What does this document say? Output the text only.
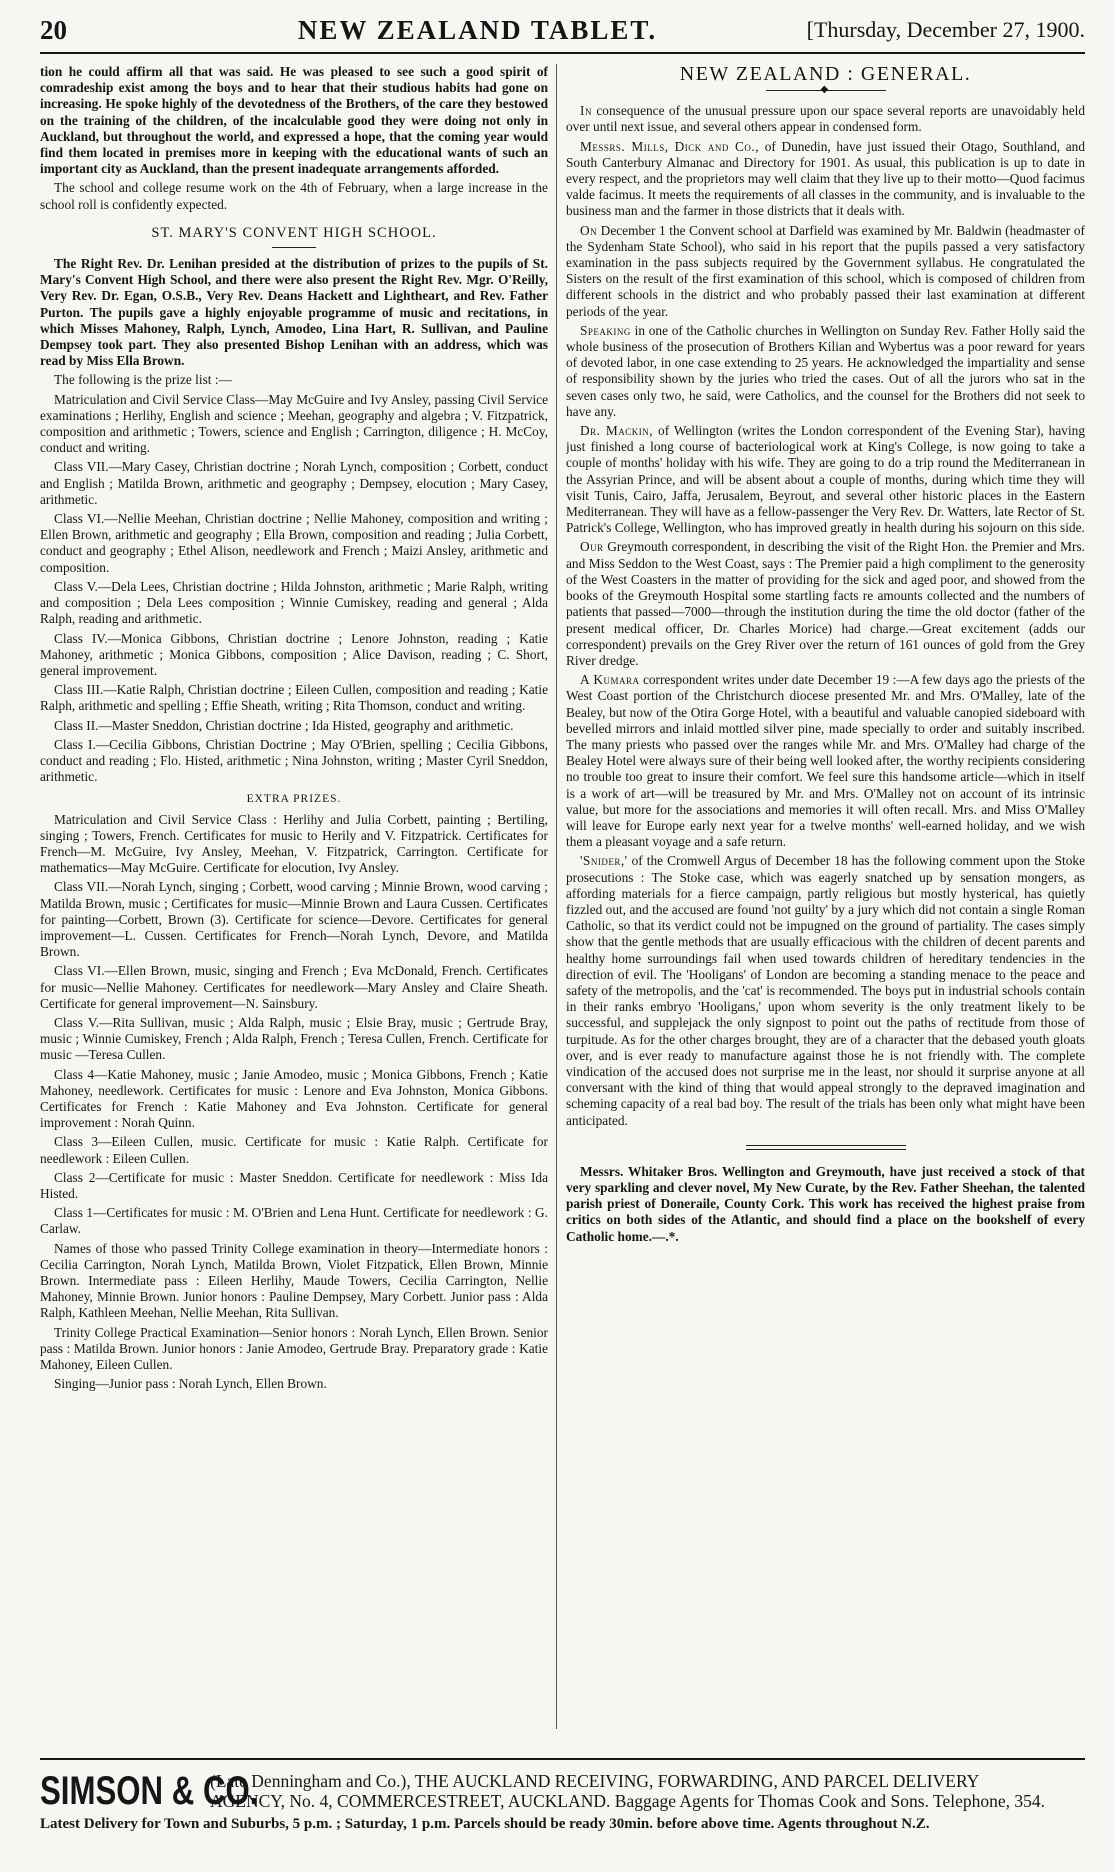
20	NEW ZEALAND TABLET.	[Thursday, December 27, 1900.

tion he could affirm all that was said. He was pleased to see such a good spirit of comradeship exist among the boys and to hear that their studious habits had gone on increasing. He spoke highly of the devotedness of the Brothers, of the care they bestowed on the training of the children, of the incalculable good they were doing not only in Auckland, but throughout the world, and expressed a hope, that the coming year would find them located in premises more in keeping with the educational wants of such an important city as Auckland, than the present inadequate arrangements afforded.

The school and college resume work on the 4th of February, when a large increase in the school roll is confidently expected.

ST. MARY'S CONVENT HIGH SCHOOL.

The Right Rev. Dr. Lenihan presided at the distribution of prizes to the pupils of St. Mary's Convent High School, and there were also present the Right Rev. Mgr. O'Reilly, Very Rev. Dr. Egan, O.S.B., Very Rev. Deans Hackett and Lightheart, and Rev. Father Purton. The pupils gave a highly enjoyable programme of music and recitations, in which Misses Mahoney, Ralph, Lynch, Amodeo, Lina Hart, R. Sullivan, and Pauline Dempsey took part. They also presented Bishop Lenihan with an address, which was read by Miss Ella Brown.

The following is the prize list :—

Matriculation and Civil Service Class—May McGuire and Ivy Ansley, passing Civil Service examinations ; Herlihy, English and science ; Meehan, geography and algebra ; V. Fitzpatrick, composition and arithmetic ; Towers, science and English ; Carrington, diligence ; H. McCoy, conduct and writing.

Class VII.—Mary Casey, Christian doctrine ; Norah Lynch, composition ; Corbett, conduct and English ; Matilda Brown, arithmetic and geography ; Dempsey, elocution ; Mary Casey, arithmetic.

Class VI.—Nellie Meehan, Christian doctrine ; Nellie Mahoney, composition and writing ; Ellen Brown, arithmetic and geography ; Ella Brown, composition and reading ; Julia Corbett, conduct and geography ; Ethel Alison, needlework and French ; Maizi Ansley, arithmetic and composition.

Class V.—Dela Lees, Christian doctrine ; Hilda Johnston, arithmetic ; Marie Ralph, writing and composition ; Dela Lees composition ; Winnie Cumiskey, reading and general ; Alda Ralph, reading and arithmetic.

Class IV.—Monica Gibbons, Christian doctrine ; Lenore Johnston, reading ; Katie Mahoney, arithmetic ; Monica Gibbons, composition ; Alice Davison, reading ; C. Short, general improvement.

Class III.—Katie Ralph, Christian doctrine ; Eileen Cullen, composition and reading ; Katie Ralph, arithmetic and spelling ; Effie Sheath, writing ; Rita Thomson, conduct and writing.

Class II.—Master Sneddon, Christian doctrine ; Ida Histed, geography and arithmetic.

Class I.—Cecilia Gibbons, Christian Doctrine ; May O'Brien, spelling ; Cecilia Gibbons, conduct and reading ; Flo. Histed, arithmetic ; Nina Johnston, writing ; Master Cyril Sneddon, arithmetic.

EXTRA PRIZES.

Matriculation and Civil Service Class : Herlihy and Julia Corbett, painting ; Bertiling, singing ; Towers, French. Certificates for music to Herily and V. Fitzpatrick. Certificates for French—M. McGuire, Ivy Ansley, Meehan, V. Fitzpatrick, Carrington. Certificate for mathematics—May McGuire. Certificate for elocution, Ivy Ansley.

Class VII.—Norah Lynch, singing ; Corbett, wood carving ; Minnie Brown, wood carving ; Matilda Brown, music ; Certificates for music—Minnie Brown and Laura Cussen. Certificates for painting—Corbett, Brown (3). Certificate for science—Devore. Certificates for general improvement—L. Cussen. Certificates for French—Norah Lynch, Devore, and Matilda Brown.

Class VI.—Ellen Brown, music, singing and French ; Eva McDonald, French. Certificates for music—Nellie Mahoney. Certificates for needlework—Mary Ansley and Claire Sheath. Certificate for general improvement—N. Sainsbury.

Class V.—Rita Sullivan, music ; Alda Ralph, music ; Elsie Bray, music ; Gertrude Bray, music ; Winnie Cumiskey, French ; Alda Ralph, French ; Teresa Cullen, French. Certificate for music —Teresa Cullen.

Class 4—Katie Mahoney, music ; Janie Amodeo, music ; Monica Gibbons, French ; Katie Mahoney, needlework. Certificates for music : Lenore and Eva Johnston, Monica Gibbons. Certificates for French : Katie Mahoney and Eva Johnston. Certificate for general improvement : Norah Quinn.

Class 3—Eileen Cullen, music. Certificate for music : Katie Ralph. Certificate for needlework : Eileen Cullen.

Class 2—Certificate for music : Master Sneddon. Certificate for needlework : Miss Ida Histed.

Class 1—Certificates for music : M. O'Brien and Lena Hunt. Certificate for needlework : G. Carlaw.

Names of those who passed Trinity College examination in theory—Intermediate honors : Cecilia Carrington, Norah Lynch, Matilda Brown, Violet Fitzpatick, Ellen Brown, Minnie Brown. Intermediate pass : Eileen Herlihy, Maude Towers, Cecilia Carrington, Nellie Mahoney, Minnie Brown. Junior honors : Pauline Dempsey, Mary Corbett. Junior pass : Alda Ralph, Kathleen Meehan, Nellie Meehan, Rita Sullivan.

Trinity College Practical Examination—Senior honors : Norah Lynch, Ellen Brown. Senior pass : Matilda Brown. Junior honors : Janie Amodeo, Gertrude Bray. Preparatory grade : Katie Mahoney, Eileen Cullen.

Singing—Junior pass : Norah Lynch, Ellen Brown.

NEW ZEALAND : GENERAL.
◆

In consequence of the unusual pressure upon our space several reports are unavoidably held over until next issue, and several others appear in condensed form.

Messrs. Mills, Dick and Co., of Dunedin, have just issued their Otago, Southland, and South Canterbury Almanac and Directory for 1901. As usual, this publication is up to date in every respect, and the proprietors may well claim that they live up to their motto—Quod facimus valde facimus. It meets the requirements of all classes in the community, and is invaluable to the business man and the farmer in those districts that it deals with.

On December 1 the Convent school at Darfield was examined by Mr. Baldwin (headmaster of the Sydenham State School), who said in his report that the pupils passed a very satisfactory examination in the pass subjects required by the Government syllabus. He congratulated the Sisters on the result of the first examination of this school, which is composed of children from different schools in the district and who probably passed their last examination at different periods of the year.

Speaking in one of the Catholic churches in Wellington on Sunday Rev. Father Holly said the whole business of the prosecution of Brothers Kilian and Wybertus was a poor reward for years of devoted labor, in one case extending to 25 years. He acknowledged the impartiality and sense of responsibility shown by the juries who tried the cases. Out of all the jurors who sat in the seven cases only two, he said, were Catholics, and the counsel for the Brothers did not seek to have any.

Dr. Mackin, of Wellington (writes the London correspondent of the Evening Star), having just finished a long course of bacteriological work at King's College, is now going to take a couple of months' holiday with his wife. They are going to do a trip round the Mediterranean in the Assyrian Prince, and will be absent about a couple of months, during which time they will visit Tunis, Cairo, Jaffa, Jerusalem, Beyrout, and several other historic places in the Eastern Mediterranean. They will have as a fellow-passenger the Very Rev. Dr. Watters, late Rector of St. Patrick's College, Wellington, who has improved greatly in health during his sojourn on this side.

Our Greymouth correspondent, in describing the visit of the Right Hon. the Premier and Mrs. and Miss Seddon to the West Coast, says : The Premier paid a high compliment to the generosity of the West Coasters in the matter of providing for the sick and aged poor, and showed from the books of the Greymouth Hospital some startling facts re amounts collected and the numbers of patients that passed—7000—through the institution during the time the old doctor (father of the present medical officer, Dr. Charles Morice) had charge.—Great excitement (adds our correspondent) prevails on the Grey River over the return of 161 ounces of gold from the Grey River dredge.

A Kumara correspondent writes under date December 19 :—A few days ago the priests of the West Coast portion of the Christchurch diocese presented Mr. and Mrs. O'Malley, late of the Bealey, but now of the Otira Gorge Hotel, with a beautiful and valuable canopied sideboard with bevelled mirrors and inlaid mottled silver pine, made specially to order and suitably inscribed. The many priests who passed over the ranges while Mr. and Mrs. O'Malley had charge of the Bealey Hotel were always sure of their being well looked after, the worthy recipients considering no trouble too great to insure their comfort. We feel sure this handsome article—which in itself is a work of art—will be treasured by Mr. and Mrs. O'Malley not on account of its intrinsic value, but more for the associations and memories it will often recall. Mrs. and Miss O'Malley will leave for Europe early next year for a twelve months' well-earned holiday, and we wish them a pleasant voyage and a safe return.

'Snider,' of the Cromwell Argus of December 18 has the following comment upon the Stoke prosecutions : The Stoke case, which was eagerly snatched up by sensation mongers, as affording materials for a fierce campaign, partly religious but mostly hysterical, has quietly fizzled out, and the accused are found 'not guilty' by a jury which did not contain a single Roman Catholic, so that its verdict could not be impugned on the ground of partiality. The cases simply show that the gentle methods that are usually efficacious with the children of decent parents and healthy home surroundings fail when used towards children of hereditary tendencies in the direction of evil. The 'Hooligans' of London are becoming a standing menace to the peace and safety of the metropolis, and the 'cat' is recommended. The boys put in industrial schools contain in their ranks embryo 'Hooligans,' upon whom severity is the only treatment likely to be successful, and supplejack the only signpost to point out the paths of rectitude from those of turpitude. As for the other charges brought, they are of a character that the debased youth gloats over, and is ever ready to manufacture against those he is not friendly with. The complete vindication of the accused does not surprise me in the least, nor should it surprise anyone at all conversant with the kind of thing that would appeal strongly to the depraved imagination and scheming capacity of a real bad boy. The result of the trials has been only what might have been anticipated.

Messrs. Whitaker Bros. Wellington and Greymouth, have just received a stock of that very sparkling and clever novel, My New Curate, by the Rev. Father Sheehan, the talented parish priest of Doneraile, County Cork. This work has received the highest praise from critics on both sides of the Atlantic, and should find a place on the bookshelf of every Catholic home.—.*.

SIMSON & CO.
(Late Denningham and Co.), THE AUCKLAND RECEIVING, FORWARDING, AND PARCEL DELIVERY
AGENCY, No. 4, COMMERCESTREET, AUCKLAND. Baggage Agents for Thomas Cook and Sons. Telephone, 354.
Latest Delivery for Town and Suburbs, 5 p.m. ; Saturday, 1 p.m. Parcels should be ready 30min. before above time. Agents throughout N.Z.
